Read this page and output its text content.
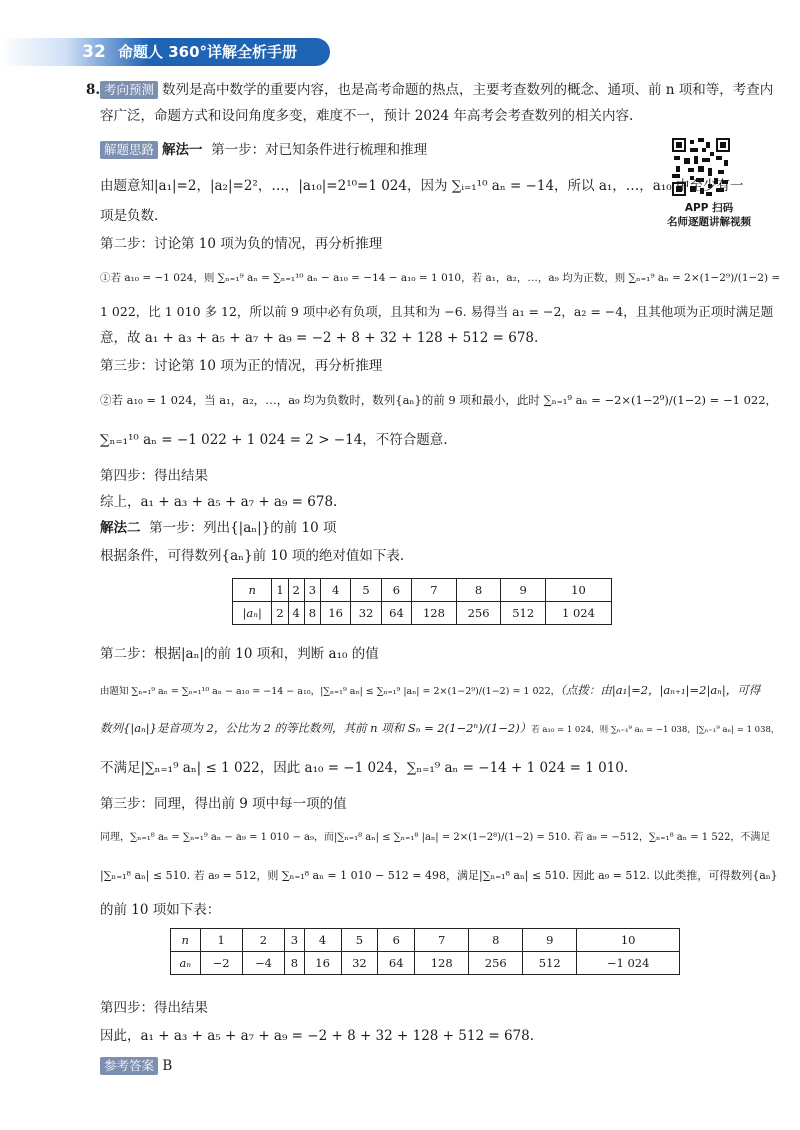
32 命题人 360°详解全析手册
8. 考向预测 数列是高中数学的重要内容，也是高考命题的热点，主要考查数列的概念、通项、前 n 项和等，考查内
容广泛，命题方式和设问角度多变，难度不一，预计 2024 年高考会考查数列的相关内容.
解题思路 解法一 第一步：对已知条件进行梳理和推理
APP 扫码
名师逐题讲解视频
由题意知|a₁|=2，|a₂|=2²，…，|a₁₀|=2¹⁰=1 024，因为 ∑ᵢ₌₁¹⁰ aₙ = −14，所以 a₁，…，a₁₀ 中至少有一
项是负数.
第二步：讨论第 10 项为负的情况，再分析推理
①若 a₁₀ = −1 024，则 ∑ₙ₌₁⁹ aₙ = ∑ₙ₌₁¹⁰ aₙ − a₁₀ = −14 − a₁₀ = 1 010，若 a₁，a₂，…，a₉ 均为正数，则 ∑ₙ₌₁⁹ aₙ = 2×(1−2⁹)/(1−2) =
1 022，比 1 010 多 12，所以前 9 项中必有负项，且其和为 −6. 易得当 a₁ = −2，a₂ = −4，且其他项为正项时满足题
意，故 a₁ + a₃ + a₅ + a₇ + a₉ = −2 + 8 + 32 + 128 + 512 = 678.
第三步：讨论第 10 项为正的情况，再分析推理
②若 a₁₀ = 1 024，当 a₁，a₂，…，a₉ 均为负数时，数列{aₙ}的前 9 项和最小，此时 ∑ₙ₌₁⁹ aₙ = −2×(1−2⁹)/(1−2) = −1 022，
∑ₙ₌₁¹⁰ aₙ = −1 022 + 1 024 = 2 > −14，不符合题意.
第四步：得出结果
综上，a₁ + a₃ + a₅ + a₇ + a₉ = 678.
解法二 第一步：列出{|aₙ|}的前 10 项
根据条件，可得数列{aₙ}前 10 项的绝对值如下表.
n	1	2	3	4	5	6	7	8	9	10
|aₙ|	2	4	8	16	32	64	128	256	512	1 024
第二步：根据|aₙ|的前 10 项和，判断 a₁₀ 的值
由题知 ∑ₙ₌₁⁹ aₙ = ∑ₙ₌₁¹⁰ aₙ − a₁₀ = −14 − a₁₀，|∑ₙ₌₁⁹ aₙ| ≤ ∑ₙ₌₁⁹ |aₙ| = 2×(1−2⁹)/(1−2) = 1 022，（点拨：由|a₁|=2，|aₙ₊₁|=2|aₙ|，可得
数列{|aₙ|}是首项为 2，公比为 2 的等比数列，其前 n 项和 Sₙ = 2(1−2ⁿ)/(1−2)）若 a₁₀ = 1 024，则 ∑ₙ₌₁⁹ aₙ = −1 038，|∑ₙ₌₁⁹ aₙ| = 1 038，
不满足|∑ₙ₌₁⁹ aₙ| ≤ 1 022，因此 a₁₀ = −1 024，∑ₙ₌₁⁹ aₙ = −14 + 1 024 = 1 010.
第三步：同理，得出前 9 项中每一项的值
同理，∑ₙ₌₁⁸ aₙ = ∑ₙ₌₁⁹ aₙ − a₉ = 1 010 − a₉，而|∑ₙ₌₁⁸ aₙ| ≤ ∑ₙ₌₁⁸ |aₙ| = 2×(1−2⁸)/(1−2) = 510. 若 a₉ = −512，∑ₙ₌₁⁸ aₙ = 1 522，不满足
|∑ₙ₌₁⁸ aₙ| ≤ 510. 若 a₉ = 512，则 ∑ₙ₌₁⁸ aₙ = 1 010 − 512 = 498，满足|∑ₙ₌₁⁸ aₙ| ≤ 510. 因此 a₉ = 512. 以此类推，可得数列{aₙ}
的前 10 项如下表：
n	1	2	3	4	5	6	7	8	9	10
aₙ	−2	−4	8	16	32	64	128	256	512	−1 024
第四步：得出结果
因此，a₁ + a₃ + a₅ + a₇ + a₉ = −2 + 8 + 32 + 128 + 512 = 678.
参考答案 B
